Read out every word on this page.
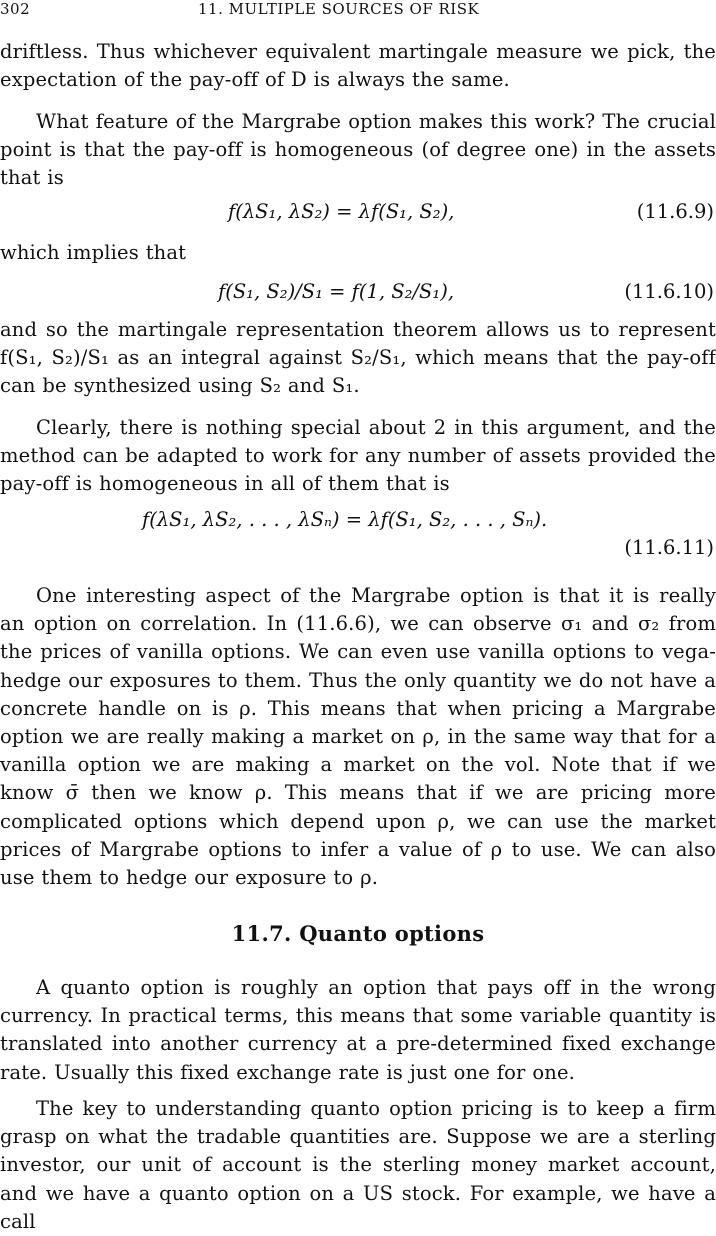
302	11. MULTIPLE SOURCES OF RISK
driftless. Thus whichever equivalent martingale measure we pick, the expectation of the pay-off of D is always the same.
What feature of the Margrabe option makes this work? The crucial point is that the pay-off is homogeneous (of degree one) in the assets that is
f(λS₁, λS₂) = λf(S₁, S₂),	(11.6.9)
which implies that
f(S₁, S₂)/S₁ = f(1, S₂/S₁),	(11.6.10)
and so the martingale representation theorem allows us to represent f(S₁, S₂)/S₁ as an integral against S₂/S₁, which means that the pay-off can be synthesized using S₂ and S₁.
Clearly, there is nothing special about 2 in this argument, and the method can be adapted to work for any number of assets provided the pay-off is homogeneous in all of them that is
f(λS₁, λS₂, . . . , λSₙ) = λf(S₁, S₂, . . . , Sₙ).
(11.6.11)
One interesting aspect of the Margrabe option is that it is really an option on correlation. In (11.6.6), we can observe σ₁ and σ₂ from the prices of vanilla options. We can even use vanilla options to vega-hedge our exposures to them. Thus the only quantity we do not have a concrete handle on is ρ. This means that when pricing a Margrabe option we are really making a market on ρ, in the same way that for a vanilla option we are making a market on the vol. Note that if we know σ̄ then we know ρ. This means that if we are pricing more complicated options which depend upon ρ, we can use the market prices of Margrabe options to infer a value of ρ to use. We can also use them to hedge our exposure to ρ.
11.7. Quanto options
A quanto option is roughly an option that pays off in the wrong currency. In practical terms, this means that some variable quantity is translated into another currency at a pre-determined fixed exchange rate. Usually this fixed exchange rate is just one for one.
The key to understanding quanto option pricing is to keep a firm grasp on what the tradable quantities are. Suppose we are a sterling investor, our unit of account is the sterling money market account, and we have a quanto option on a US stock. For example, we have a call
